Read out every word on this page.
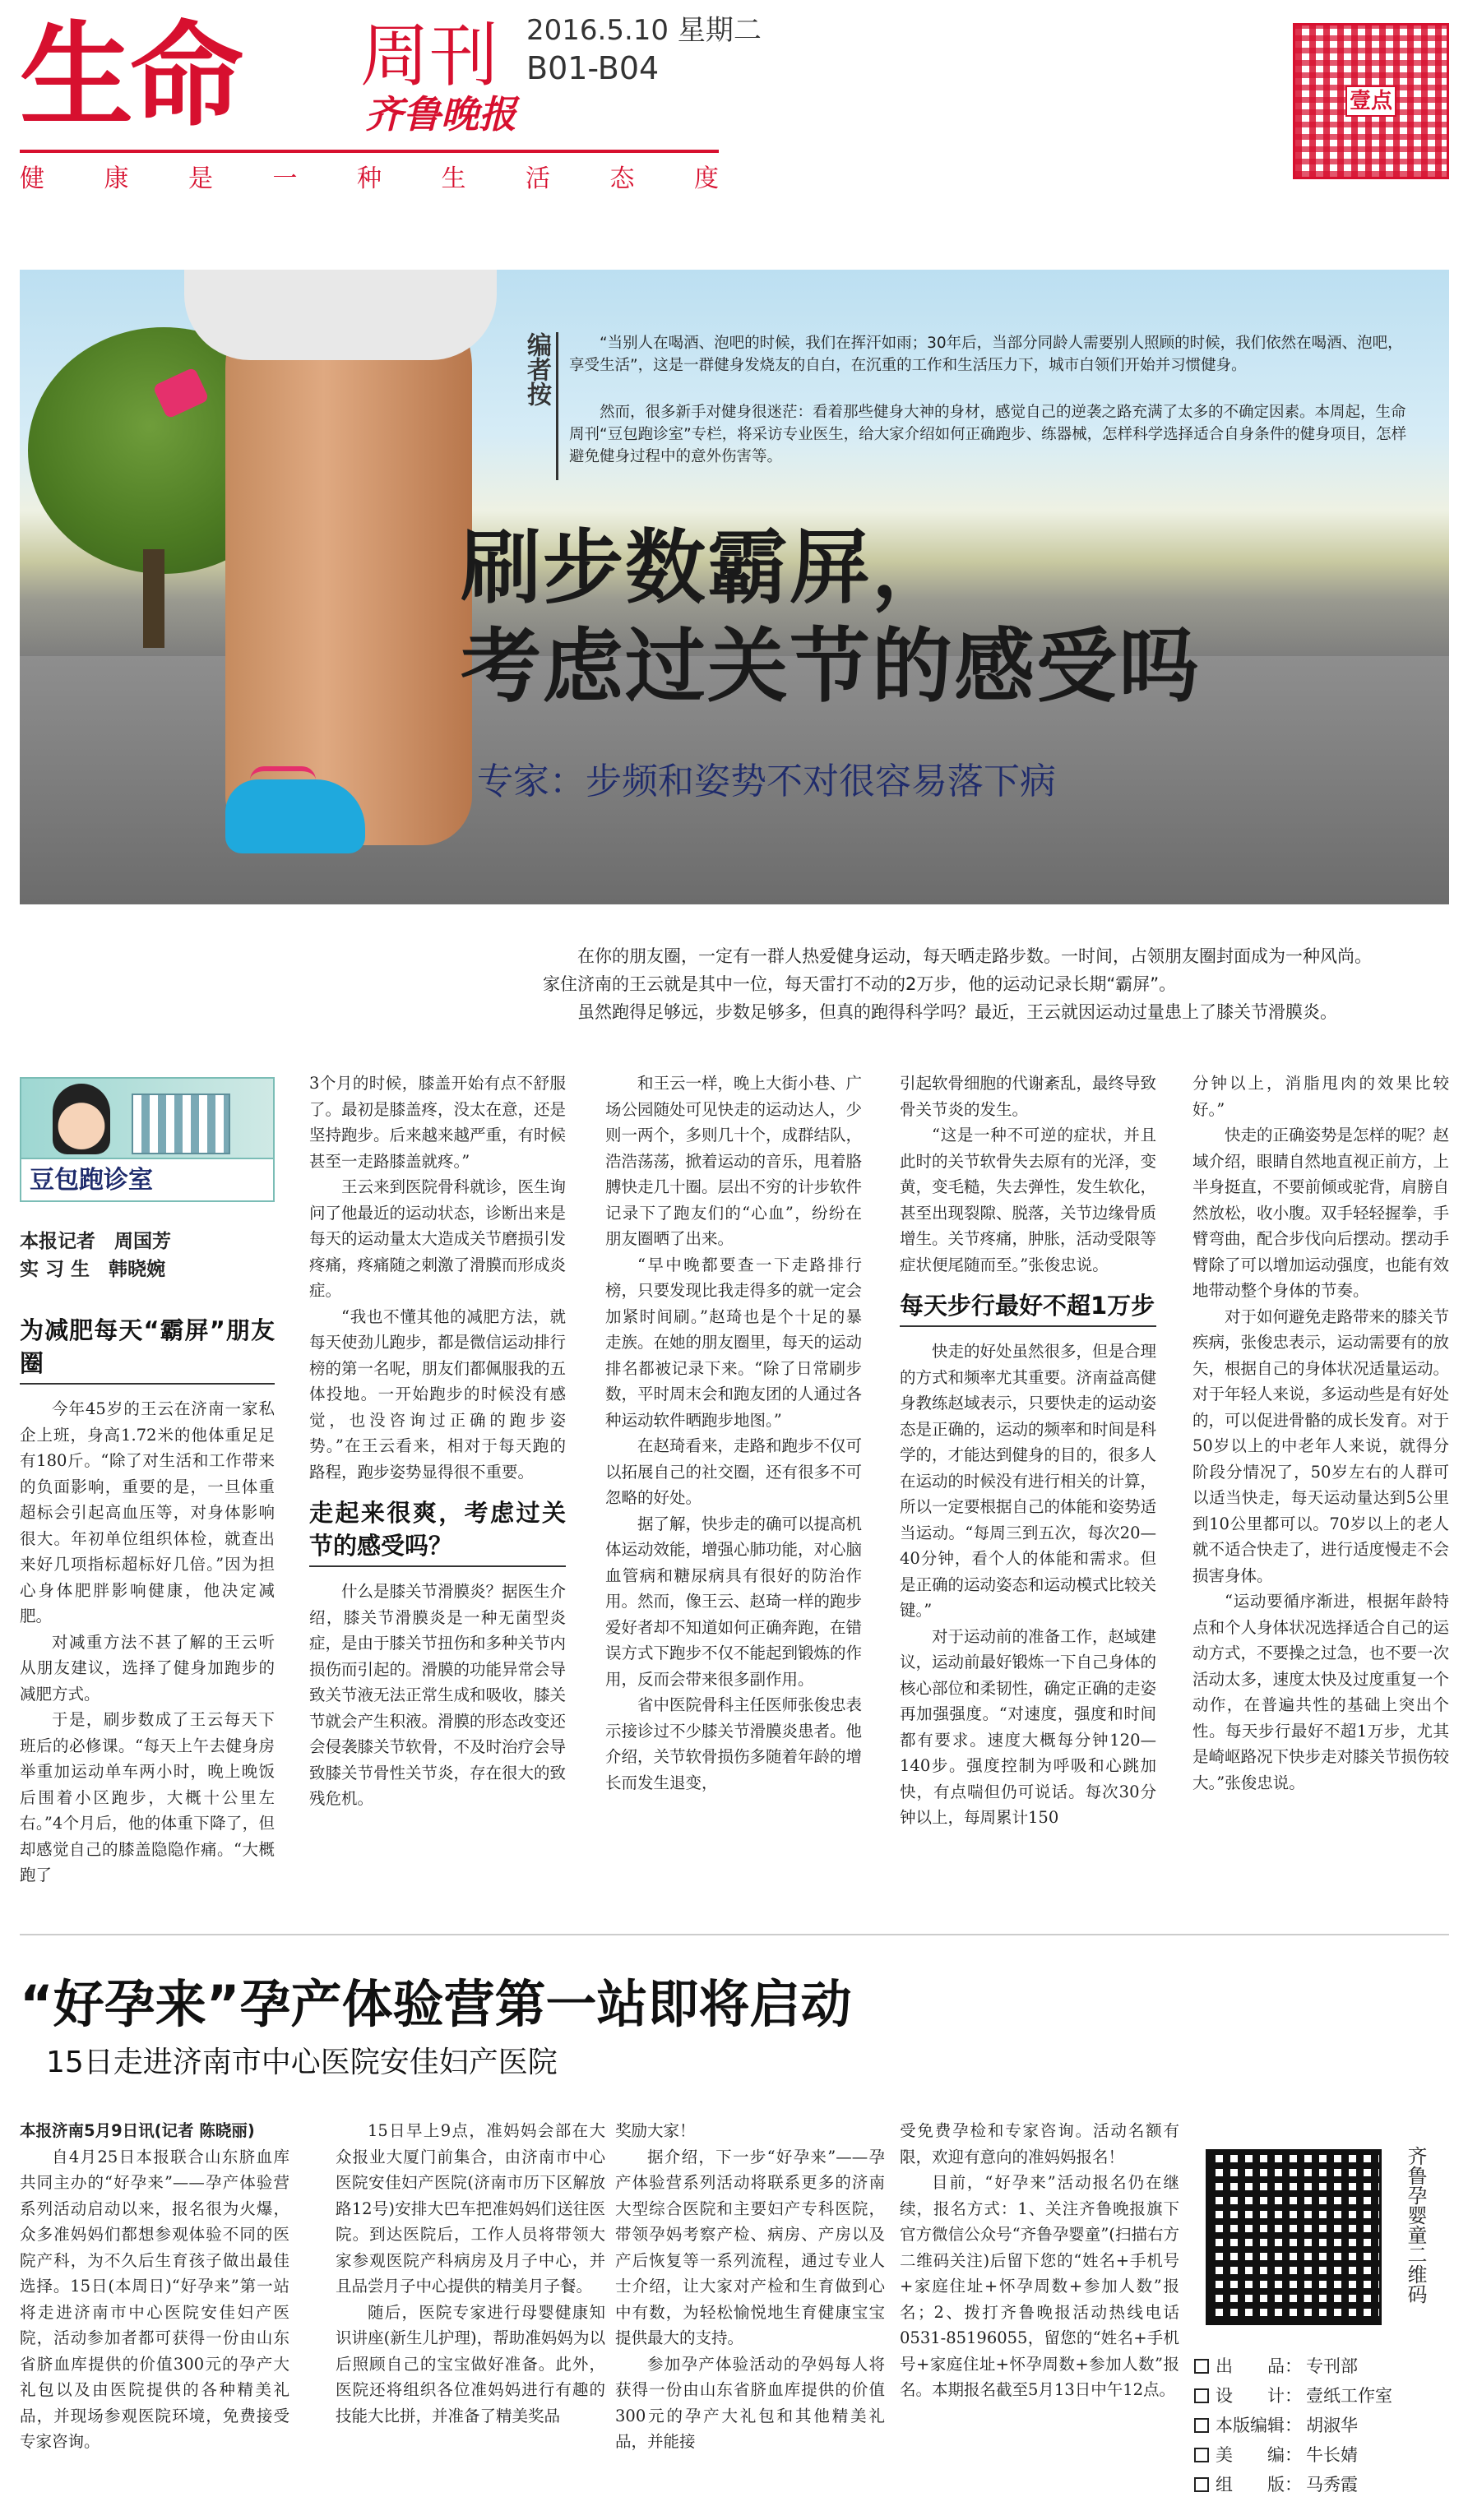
生命 周刊
齐鲁晚报
2016.5.10 星期二
B01-B04
健 康 是 一 种 生 活 态 度
壹点
编者按	“当别人在喝酒、泡吧的时候，我们在挥汗如雨；30年后，当部分同龄人需要别人照顾的时候，我们依然在喝酒、泡吧，享受生活”，这是一群健身发烧友的自白，在沉重的工作和生活压力下，城市白领们开始并习惯健身。

然而，很多新手对健身很迷茫：看着那些健身大神的身材，感觉自己的逆袭之路充满了太多的不确定因素。本周起，生命周刊“豆包跑诊室”专栏，将采访专业医生，给大家介绍如何正确跑步、练器械，怎样科学选择适合自身条件的健身项目，怎样避免健身过程中的意外伤害等。

刷步数霸屏，
考虑过关节的感受吗
专家：步频和姿势不对很容易落下病

在你的朋友圈，一定有一群人热爱健身运动，每天晒走路步数。一时间，占领朋友圈封面成为一种风尚。家住济南的王云就是其中一位，每天雷打不动的2万步，他的运动记录长期“霸屏”。

虽然跑得足够远，步数足够多，但真的跑得科学吗？最近，王云就因运动过量患上了膝关节滑膜炎。

豆包跑诊室
本报记者　周国芳
实 习 生　韩晓婉
为减肥每天“霸屏”朋友圈

今年45岁的王云在济南一家私企上班，身高1.72米的他体重足足有180斤。“除了对生活和工作带来的负面影响，重要的是，一旦体重超标会引起高血压等，对身体影响很大。年初单位组织体检，就查出来好几项指标超标好几倍。”因为担心身体肥胖影响健康，他决定减肥。

对减重方法不甚了解的王云听从朋友建议，选择了健身加跑步的减肥方式。

于是，刷步数成了王云每天下班后的必修课。“每天上午去健身房举重加运动单车两小时，晚上晚饭后围着小区跑步，大概十公里左右。”4个月后，他的体重下降了，但却感觉自己的膝盖隐隐作痛。“大概跑了

3个月的时候，膝盖开始有点不舒服了。最初是膝盖疼，没太在意，还是坚持跑步。后来越来越严重，有时候甚至一走路膝盖就疼。”

王云来到医院骨科就诊，医生询问了他最近的运动状态，诊断出来是每天的运动量太大造成关节磨损引发疼痛，疼痛随之刺激了滑膜而形成炎症。

“我也不懂其他的减肥方法，就每天使劲儿跑步，都是微信运动排行榜的第一名呢，朋友们都佩服我的五体投地。一开始跑步的时候没有感觉，也没咨询过正确的跑步姿势。”在王云看来，相对于每天跑的路程，跑步姿势显得很不重要。

走起来很爽，考虑过关节的感受吗？

什么是膝关节滑膜炎？据医生介绍，膝关节滑膜炎是一种无菌型炎症，是由于膝关节扭伤和多种关节内损伤而引起的。滑膜的功能异常会导致关节液无法正常生成和吸收，膝关节就会产生积液。滑膜的形态改变还会侵袭膝关节软骨，不及时治疗会导致膝关节骨性关节炎，存在很大的致残危机。

和王云一样，晚上大街小巷、广场公园随处可见快走的运动达人，少则一两个，多则几十个，成群结队，浩浩荡荡，掀着运动的音乐，甩着胳膊快走几十圈。层出不穷的计步软件记录下了跑友们的“心血”，纷纷在朋友圈晒了出来。

“早中晚都要查一下走路排行榜，只要发现比我走得多的就一定会加紧时间刷。”赵琦也是个十足的暴走族。在她的朋友圈里，每天的运动排名都被记录下来。“除了日常刷步数，平时周末会和跑友团的人通过各种运动软件晒跑步地图。”

在赵琦看来，走路和跑步不仅可以拓展自己的社交圈，还有很多不可忽略的好处。

据了解，快步走的确可以提高机体运动效能，增强心肺功能，对心脑血管病和糖尿病具有很好的防治作用。然而，像王云、赵琦一样的跑步爱好者却不知道如何正确奔跑，在错误方式下跑步不仅不能起到锻炼的作用，反而会带来很多副作用。

省中医院骨科主任医师张俊忠表示接诊过不少膝关节滑膜炎患者。他介绍，关节软骨损伤多随着年龄的增长而发生退变，

引起软骨细胞的代谢紊乱，最终导致骨关节炎的发生。

“这是一种不可逆的症状，并且此时的关节软骨失去原有的光泽，变黄，变毛糙，失去弹性，发生软化，甚至出现裂隙、脱落，关节边缘骨质增生。关节疼痛，肿胀，活动受限等症状便尾随而至。”张俊忠说。

每天步行最好不超1万步

快走的好处虽然很多，但是合理的方式和频率尤其重要。济南益高健身教练赵域表示，只要快走的运动姿态是正确的，运动的频率和时间是科学的，才能达到健身的目的，很多人在运动的时候没有进行相关的计算，所以一定要根据自己的体能和姿势适当运动。“每周三到五次，每次20—40分钟，看个人的体能和需求。但是正确的运动姿态和运动模式比较关键。”

对于运动前的准备工作，赵域建议，运动前最好锻炼一下自己身体的核心部位和柔韧性，确定正确的走姿再加强强度。“对速度，强度和时间都有要求。速度大概每分钟120—140步。强度控制为呼吸和心跳加快，有点喘但仍可说话。每次30分钟以上，每周累计150

分钟以上，消脂甩肉的效果比较好。”

快走的正确姿势是怎样的呢？赵域介绍，眼睛自然地直视正前方，上半身挺直，不要前倾或驼背，肩膀自然放松，收小腹。双手轻轻握拳，手臂弯曲，配合步伐向后摆动。摆动手臂除了可以增加运动强度，也能有效地带动整个身体的节奏。

对于如何避免走路带来的膝关节疾病，张俊忠表示，运动需要有的放矢，根据自己的身体状况适量运动。对于年轻人来说，多运动些是有好处的，可以促进骨骼的成长发育。对于50岁以上的中老年人来说，就得分阶段分情况了，50岁左右的人群可以适当快走，每天运动量达到5公里到10公里都可以。70岁以上的老人就不适合快走了，进行适度慢走不会损害身体。

“运动要循序渐进，根据年龄特点和个人身体状况选择适合自己的运动方式，不要操之过急，也不要一次活动太多，速度太快及过度重复一个动作，在普遍共性的基础上突出个性。每天步行最好不超1万步，尤其是崎岖路况下快步走对膝关节损伤较大。”张俊忠说。

“好孕来”孕产体验营第一站即将启动
15日走进济南市中心医院安佳妇产医院

本报济南5月9日讯(记者 陈晓丽)

自4月25日本报联合山东脐血库共同主办的“好孕来”——孕产体验营系列活动启动以来，报名很为火爆，众多准妈妈们都想参观体验不同的医院产科，为不久后生育孩子做出最佳选择。15日(本周日)“好孕来”第一站将走进济南市中心医院安佳妇产医院，活动参加者都可获得一份由山东省脐血库提供的价值300元的孕产大礼包以及由医院提供的各种精美礼品，并现场参观医院环境，免费接受专家咨询。

15日早上9点，准妈妈会部在大众报业大厦门前集合，由济南市中心医院安佳妇产医院(济南市历下区解放路12号)安排大巴车把准妈妈们送往医院。到达医院后，工作人员将带领大家参观医院产科病房及月子中心，并且品尝月子中心提供的精美月子餐。

随后，医院专家进行母婴健康知识讲座(新生儿护理)，帮助准妈妈为以后照顾自己的宝宝做好准备。此外，医院还将组织各位准妈妈进行有趣的技能大比拼，并准备了精美奖品

奖励大家！

据介绍，下一步“好孕来”——孕产体验营系列活动将联系更多的济南大型综合医院和主要妇产专科医院，带领孕妈考察产检、病房、产房以及产后恢复等一系列流程，通过专业人士介绍，让大家对产检和生育做到心中有数，为轻松愉悦地生育健康宝宝提供最大的支持。

参加孕产体验活动的孕妈每人将获得一份由山东省脐血库提供的价值300元的孕产大礼包和其他精美礼品，并能接

受免费孕检和专家咨询。活动名额有限，欢迎有意向的准妈妈报名！

目前，“好孕来”活动报名仍在继续，报名方式：1、关注齐鲁晚报旗下官方微信公众号“齐鲁孕婴童”(扫描右方二维码关注)后留下您的“姓名+手机号+家庭住址+怀孕周数+参加人数”报名；2、拨打齐鲁晚报活动热线电话0531-85196055，留您的“姓名+手机号+家庭住址+怀孕周数+参加人数”报名。本期报名截至5月13日中午12点。

齐鲁孕婴童二维码
出　　品： 专刊部
设　　计： 壹纸工作室
本版编辑： 胡淑华
美　　编： 牛长婧
组　　版： 马秀霞
